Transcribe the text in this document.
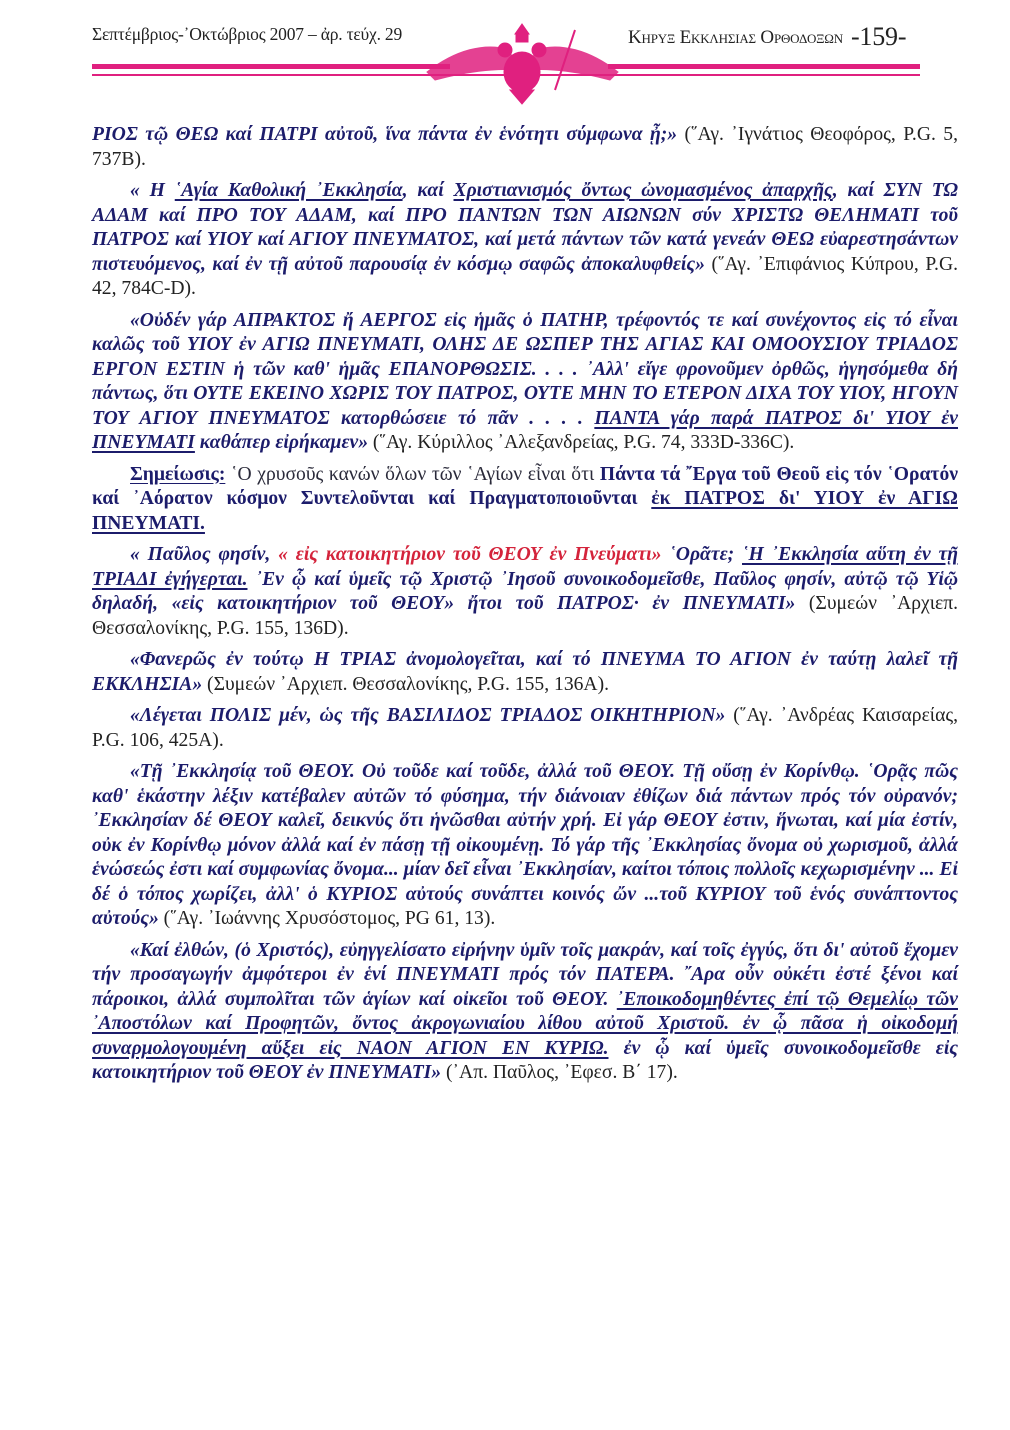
Σεπτέμβριος-᾿Οκτώβριος 2007 – ἀρ. τεύχ. 29	Κηρυξ Εκκλησιας Ορθοδοξων -159-

ΡΙΟΣ τῷ ΘΕΩ καί ΠΑΤΡΙ αὐτοῦ, ἵνα πάντα ἐν ἑνότητι σύμφωνα ᾖ;» (῞Αγ. ᾿Ιγνάτιος Θεοφόρος, P.G. 5, 737Β).

« Η ῾Αγία Καθολική ᾿Εκκλησία, καί Χριστιανισμός ὄντως ὠνομασμένος ἀπαρχῆς, καί ΣΥΝ ΤΩ ΑΔΑΜ καί ΠΡΟ ΤΟΥ ΑΔΑΜ, καί ΠΡΟ ΠΑΝΤΩΝ ΤΩΝ ΑΙΩΝΩΝ σύν ΧΡΙΣΤΩ ΘΕΛΗΜΑΤΙ τοῦ ΠΑΤΡΟΣ καί ΥΙΟΥ καί ΑΓΙΟΥ ΠΝΕΥΜΑΤΟΣ, καί μετά πάντων τῶν κατά γενεάν ΘΕΩ εὐαρεστησάντων πιστευόμενος, καί ἐν τῇ αὐτοῦ παρουσίᾳ ἐν κόσμῳ σαφῶς ἀποκαλυφθείς» (῞Αγ. ᾿Επιφάνιος Κύπρου, P.G. 42, 784C-D).

«Οὐδέν γάρ ΑΠΡΑΚΤΟΣ ἤ ΑΕΡΓΟΣ εἰς ἡμᾶς ὁ ΠΑΤΗΡ, τρέφοντός τε καί συνέχοντος εἰς τό εἶναι καλῶς τοῦ ΥΙΟΥ ἐν ΑΓΙΩ ΠΝΕΥΜΑΤΙ, ΟΛΗΣ ΔΕ ΩΣΠΕΡ ΤΗΣ ΑΓΙΑΣ ΚΑΙ ΟΜΟΟΥΣΙΟΥ ΤΡΙΑΔΟΣ ΕΡΓΟΝ ΕΣΤΙΝ ἡ τῶν καθ' ἡμᾶς ΕΠΑΝΟΡΘΩΣΙΣ. . . . ᾿Αλλ' εἴγε φρονοῦμεν ὀρθῶς, ἡγησόμεθα δή πάντως, ὅτι ΟΥΤΕ ΕΚΕΙΝΟ ΧΩΡΙΣ ΤΟΥ ΠΑΤΡΟΣ, ΟΥΤΕ ΜΗΝ ΤΟ ΕΤΕΡΟΝ ΔΙΧΑ ΤΟΥ ΥΙΟΥ, ΗΓΟΥΝ ΤΟΥ ΑΓΙΟΥ ΠΝΕΥΜΑΤΟΣ κατορθώσειε τό πᾶν . . . . ΠΑΝΤΑ γάρ παρά ΠΑΤΡΟΣ δι' ΥΙΟΥ ἐν ΠΝΕΥΜΑΤΙ καθάπερ εἰρήκαμεν» (῞Αγ. Κύριλλος ᾿Αλεξανδρείας, P.G. 74, 333D-336C).

Σημείωσις: ῾Ο χρυσοῦς κανών ὅλων τῶν ῾Αγίων εἶναι ὅτι Πάντα τά ῎Εργα τοῦ Θεοῦ εἰς τόν ῾Ορατόν καί ᾿Αόρατον κόσμον Συντελοῦνται καί Πραγματοποιοῦνται ἐκ ΠΑΤΡΟΣ δι' ΥΙΟΥ ἐν ΑΓΙΩ ΠΝΕΥΜΑΤΙ.

« Παῦλος φησίν, « εἰς κατοικητήριον τοῦ ΘΕΟΥ ἐν Πνεύματι» ῾Ορᾶτε; ῾Η ᾿Εκκλησία αὕτη ἐν τῇ ΤΡΙΑΔΙ ἐγήγερται. ᾿Εν ᾧ καί ὑμεῖς τῷ Χριστῷ ᾿Ιησοῦ συνοικοδομεῖσθε, Παῦλος φησίν, αὐτῷ τῷ Υἱῷ δηλαδή, «εἰς κατοικητήριον τοῦ ΘΕΟΥ» ἤτοι τοῦ ΠΑΤΡΟΣ· ἐν ΠΝΕΥΜΑΤΙ» (Συμεών ᾿Αρχιεπ. Θεσσαλονίκης, P.G. 155, 136D).

«Φανερῶς ἐν τούτῳ Η ΤΡΙΑΣ ἀνομολογεῖται, καί τό ΠΝΕΥΜΑ ΤΟ ΑΓΙΟΝ ἐν ταύτῃ λαλεῖ τῇ ΕΚΚΛΗΣΙΑ» (Συμεών ᾿Αρχιεπ. Θεσσαλονίκης, P.G. 155, 136Α).

«Λέγεται ΠΟΛΙΣ μέν, ὡς τῆς ΒΑΣΙΛΙΔΟΣ ΤΡΙΑΔΟΣ ΟΙΚΗΤΗΡΙΟΝ» (῞Αγ. ᾿Ανδρέας Καισαρείας, P.G. 106, 425Α).

«Τῇ ᾿Εκκλησίᾳ τοῦ ΘΕΟΥ. Οὐ τοῦδε καί τοῦδε, ἀλλά τοῦ ΘΕΟΥ. Τῇ οὔσῃ ἐν Κορίνθῳ. ῾Ορᾷς πῶς καθ' ἑκάστην λέξιν κατέβαλεν αὐτῶν τό φύσημα, τήν διάνοιαν ἐθίζων διά πάντων πρός τόν οὐρανόν; ᾿Εκκλησίαν δέ ΘΕΟΥ καλεῖ, δεικνύς ὅτι ἡνῶσθαι αὐτήν χρή. Εἰ γάρ ΘΕΟΥ ἐστιν, ἥνωται, καί μία ἐστίν, οὐκ ἐν Κορίνθῳ μόνον ἀλλά καί ἐν πάσῃ τῇ οἰκουμένῃ. Τό γάρ τῆς ᾿Εκκλησίας ὄνομα οὐ χωρισμοῦ, ἀλλά ἑνώσεώς ἐστι καί συμφωνίας ὄνομα... μίαν δεῖ εἶναι ᾿Εκκλησίαν, καίτοι τόποις πολλοῖς κεχωρισμένην ... Εἰ δέ ὁ τόπος χωρίζει, ἀλλ' ὁ ΚΥΡΙΟΣ αὐτούς συνάπτει κοινός ὤν ...τοῦ ΚΥΡΙΟΥ τοῦ ἑνός συνάπτοντος αὐτούς» (῞Αγ. ᾿Ιωάννης Χρυσόστομος, PG 61, 13).

«Καί ἐλθών, (ὁ Χριστός), εὐηγγελίσατο εἰρήνην ὑμῖν τοῖς μακράν, καί τοῖς ἐγγύς, ὅτι δι' αὐτοῦ ἔχομεν τήν προσαγωγήν ἀμφότεροι ἐν ἑνί ΠΝΕΥΜΑΤΙ πρός τόν ΠΑΤΕΡΑ. ῎Αρα οὖν οὐκέτι ἐστέ ξένοι καί πάροικοι, ἀλλά συμπολῖται τῶν ἁγίων καί οἰκεῖοι τοῦ ΘΕΟΥ. ᾿Εποικοδομηθέντες ἐπί τῷ Θεμελίῳ τῶν ᾿Αποστόλων καί Προφητῶν, ὄντος ἀκρογωνιαίου λίθου αὐτοῦ Χριστοῦ. ἐν ᾧ πᾶσα ἡ οἰκοδομή συναρμολογουμένη αὔξει εἰς ΝΑΟΝ ΑΓΙΟΝ ΕΝ ΚΥΡΙΩ. ἐν ᾧ καί ὑμεῖς συνοικοδομεῖσθε εἰς κατοικητήριον τοῦ ΘΕΟΥ ἐν ΠΝΕΥΜΑΤΙ» (᾿Απ. Παῦλος, ᾿Εφεσ. Β΄ 17).
